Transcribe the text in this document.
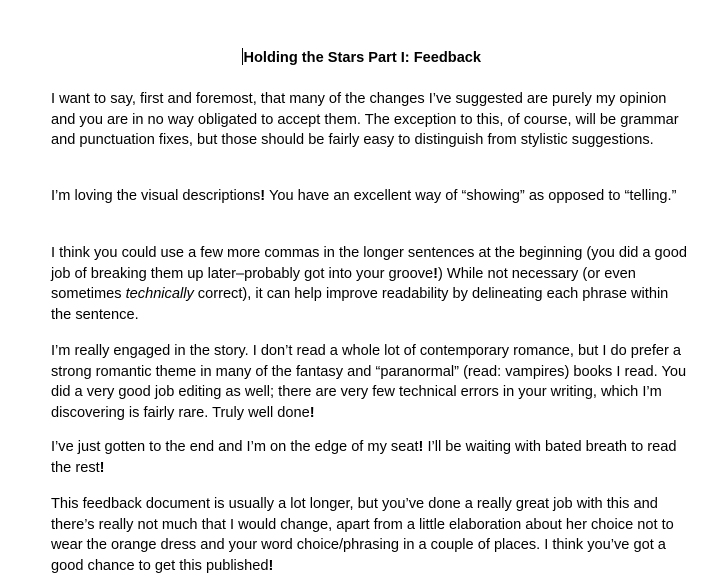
Holding the Stars Part I: Feedback

I want to say, first and foremost, that many of the changes I’ve suggested are purely my opinion and you are in no way obligated to accept them. The exception to this, of course, will be grammar and punctuation fixes, but those should be fairly easy to distinguish from stylistic suggestions.

I’m loving the visual descriptions! You have an excellent way of “showing” as opposed to “telling.”

I think you could use a few more commas in the longer sentences at the beginning (you did a good job of breaking them up later–probably got into your groove!) While not necessary (or even sometimes technically correct), it can help improve readability by delineating each phrase within the sentence.

I’m really engaged in the story. I don’t read a whole lot of contemporary romance, but I do prefer a strong romantic theme in many of the fantasy and “paranormal” (read: vampires) books I read. You did a very good job editing as well; there are very few technical errors in your writing, which I’m discovering is fairly rare. Truly well done!

I’ve just gotten to the end and I’m on the edge of my seat! I’ll be waiting with bated breath to read the rest!

This feedback document is usually a lot longer, but you’ve done a really great job with this and there’s really not much that I would change, apart from a little elaboration about her choice not to wear the orange dress and your word choice/phrasing in a couple of places. I think you’ve got a good chance to get this published!
